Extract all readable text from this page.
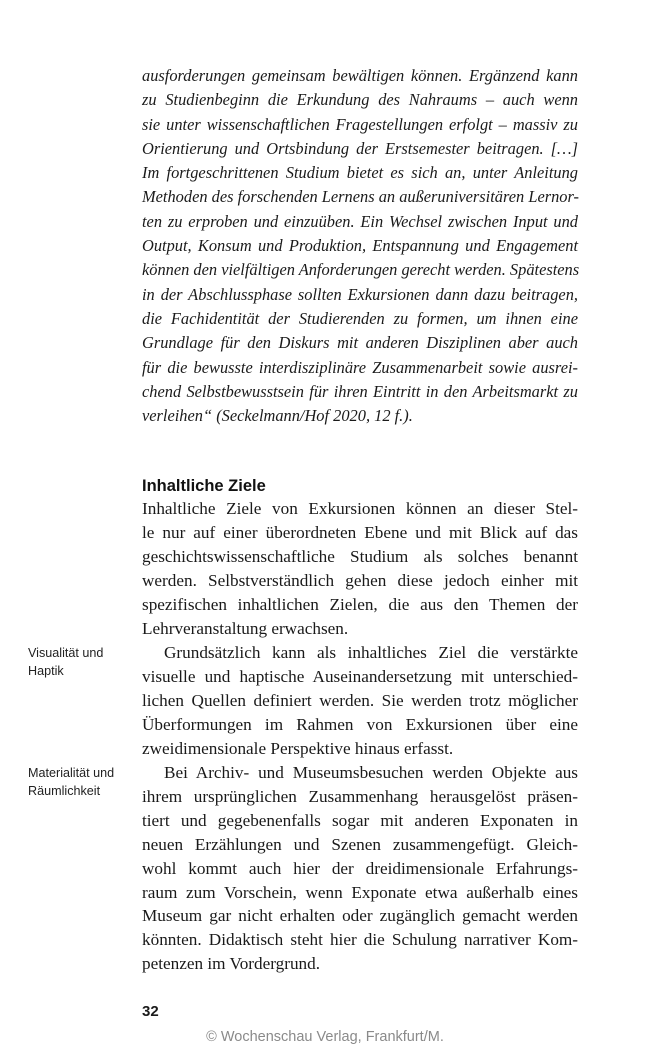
ausforderungen gemeinsam bewältigen können. Ergänzend kann
zu Studienbeginn die Erkundung des Nahraums – auch wenn
sie unter wissenschaftlichen Fragestellungen erfolgt – massiv zu
Orientierung und Ortsbindung der Erstsemester beitragen. […]
Im fortgeschrittenen Studium bietet es sich an, unter Anleitung
Methoden des forschenden Lernens an außeruniversitären Lernor-
ten zu erproben und einzuüben. Ein Wechsel zwischen Input und
Output, Konsum und Produktion, Entspannung und Engagement
können den vielfältigen Anforderungen gerecht werden. Spätestens
in der Abschlussphase sollten Exkursionen dann dazu beitragen,
die Fachidentität der Studierenden zu formen, um ihnen eine
Grundlage für den Diskurs mit anderen Disziplinen aber auch
für die bewusste interdisziplinäre Zusammenarbeit sowie ausrei-
chend Selbstbewusstsein für ihren Eintritt in den Arbeitsmarkt zu
verleihen“ (Seckelmann/Hof 2020, 12 f.).
Inhaltliche Ziele
Inhaltliche Ziele von Exkursionen können an dieser Stel-
le nur auf einer überordneten Ebene und mit Blick auf das
geschichtswissenschaftliche Studium als solches benannt
werden. Selbstverständlich gehen diese jedoch einher mit
spezifischen inhaltlichen Zielen, die aus den Themen der
Lehrveranstaltung erwachsen.
Visualität und
Haptik
Grundsätzlich kann als inhaltliches Ziel die verstärkte
visuelle und haptische Auseinandersetzung mit unterschied-
lichen Quellen definiert werden. Sie werden trotz möglicher
Überformungen im Rahmen von Exkursionen über eine
zweidimensionale Perspektive hinaus erfasst.
Materialität und
Räumlichkeit
Bei Archiv- und Museumsbesuchen werden Objekte aus
ihrem ursprünglichen Zusammenhang herausgelöst präsen-
tiert und gegebenenfalls sogar mit anderen Exponaten in
neuen Erzählungen und Szenen zusammengefügt. Gleich-
wohl kommt auch hier der dreidimensionale Erfahrungs-
raum zum Vorschein, wenn Exponate etwa außerhalb eines
Museum gar nicht erhalten oder zugänglich gemacht werden
könnten. Didaktisch steht hier die Schulung narrativer Kom-
petenzen im Vordergrund.

32

© Wochenschau Verlag, Frankfurt/M.
